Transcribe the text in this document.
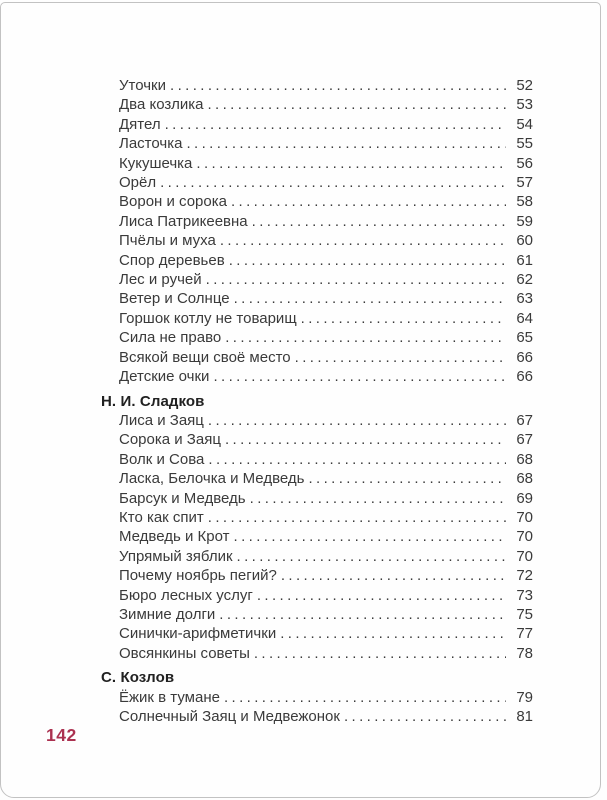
Уточки .....	52
Два козлика .....	53
Дятел .....	54
Ласточка .....	55
Кукушечка .....	56
Орёл .....	57
Ворон и сорока .....	58
Лиса Патрикеевна .....	59
Пчёлы и муха .....	60
Спор деревьев .....	61
Лес и ручей .....	62
Ветер и Солнце .....	63
Горшок котлу не товарищ .....	64
Сила не право .....	65
Всякой вещи своё место .....	66
Детские очки .....	66
Н. И. Сладков
Лиса и Заяц .....	67
Сорока и Заяц .....	67
Волк и Сова .....	68
Ласка, Белочка и Медведь .....	68
Барсук и Медведь .....	69
Кто как спит .....	70
Медведь и Крот .....	70
Упрямый зяблик .....	70
Почему ноябрь пегий? .....	72
Бюро лесных услуг .....	73
Зимние долги .....	75
Синички-арифметички .....	77
Овсянкины советы .....	78
С. Козлов
Ёжик в тумане .....	79
Солнечный Заяц и Медвежонок .....	81
142
